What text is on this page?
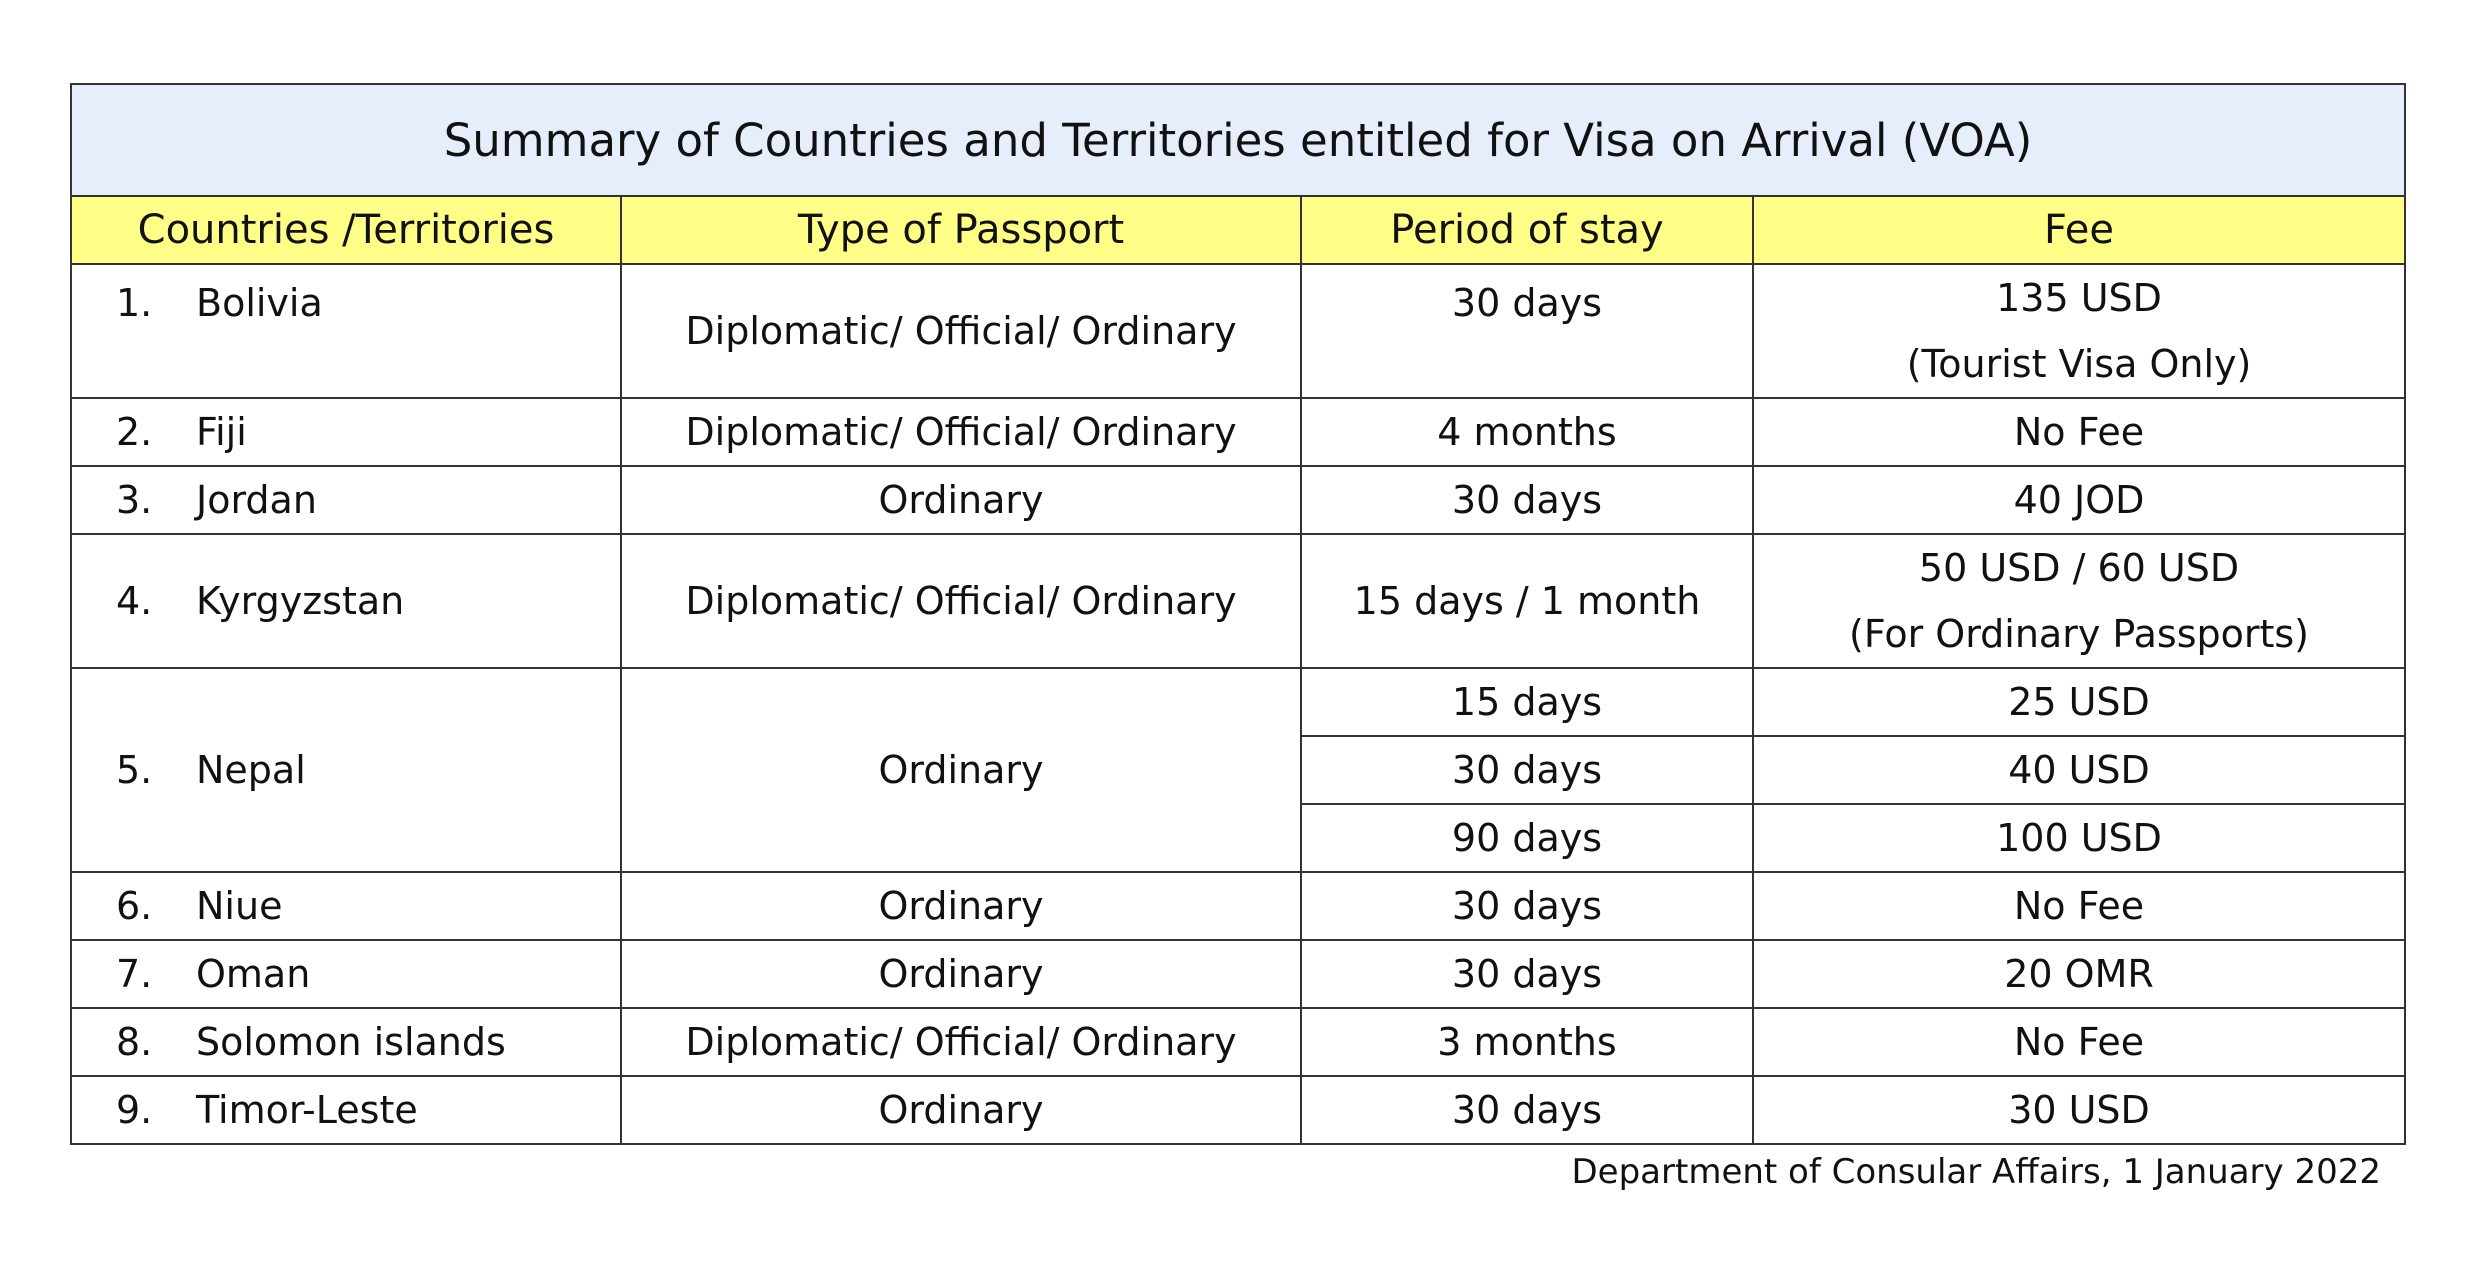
Summary of Countries and Territories entitled for Visa on Arrival (VOA)			
Countries /Territories	Type of Passport	Period of stay	Fee
1. Bolivia	Diplomatic/ Official/ Ordinary	30 days	135 USD
(Tourist Visa Only)

2. Fiji	Diplomatic/ Official/ Ordinary	4 months	No Fee
3. Jordan	Ordinary	30 days	40 JOD
4. Kyrgyzstan	Diplomatic/ Official/ Ordinary	15 days / 1 month	50 USD / 60 USD
(For Ordinary Passports)

5. Nepal	Ordinary	15 days	25 USD
		30 days	40 USD
		90 days	100 USD
6. Niue	Ordinary	30 days	No Fee
7. Oman	Ordinary	30 days	20 OMR
8. Solomon islands	Diplomatic/ Official/ Ordinary	3 months	No Fee
9. Timor-Leste	Ordinary	30 days	30 USD
Department of Consular Affairs, 1 January 2022
